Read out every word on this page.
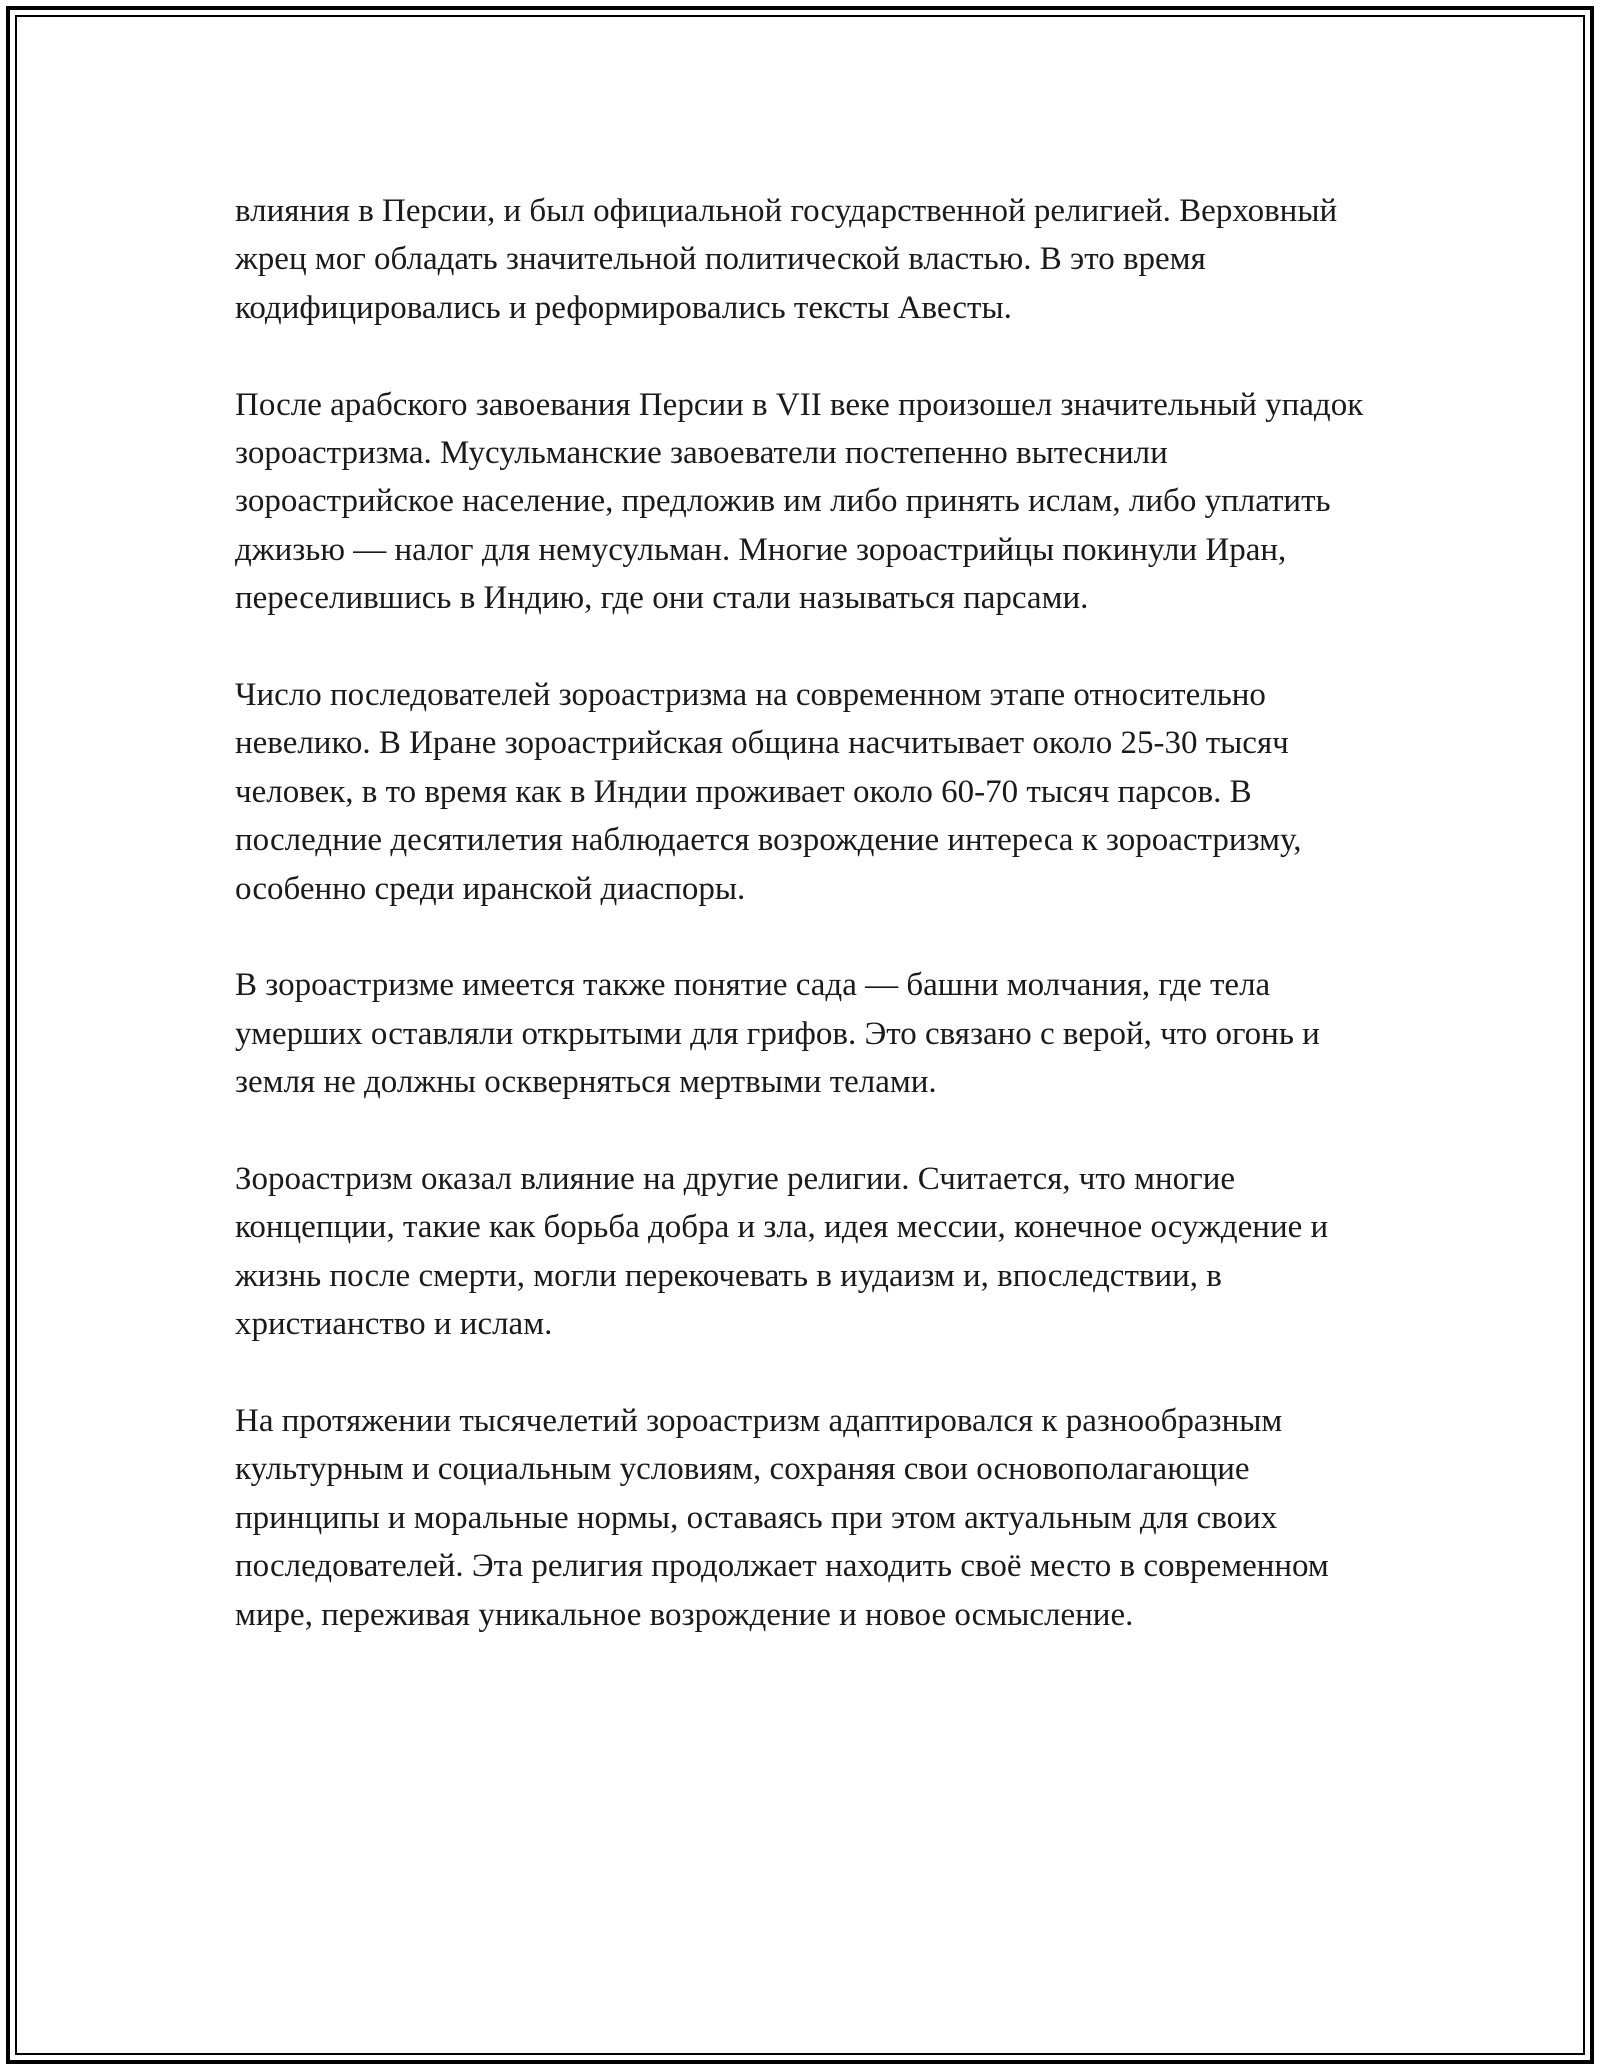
влияния в Персии, и был официальной государственной религией. Верховный жрец мог обладать значительной политической властью. В это время кодифицировались и реформировались тексты Авесты.

После арабского завоевания Персии в VII веке произошел значительный упадок зороастризма. Мусульманские завоеватели постепенно вытеснили зороастрийское население, предложив им либо принять ислам, либо уплатить джизью — налог для немусульман. Многие зороастрийцы покинули Иран, переселившись в Индию, где они стали называться парсами.

Число последователей зороастризма на современном этапе относительно невелико. В Иране зороастрийская община насчитывает около 25-30 тысяч человек, в то время как в Индии проживает около 60-70 тысяч парсов. В последние десятилетия наблюдается возрождение интереса к зороастризму, особенно среди иранской диаспоры.

В зороастризме имеется также понятие сада — башни молчания, где тела умерших оставляли открытыми для грифов. Это связано с верой, что огонь и земля не должны оскверняться мертвыми телами.

Зороастризм оказал влияние на другие религии. Считается, что многие концепции, такие как борьба добра и зла, идея мессии, конечное осуждение и жизнь после смерти, могли перекочевать в иудаизм и, впоследствии, в христианство и ислам.

На протяжении тысячелетий зороастризм адаптировался к разнообразным культурным и социальным условиям, сохраняя свои основополагающие принципы и моральные нормы, оставаясь при этом актуальным для своих последователей. Эта религия продолжает находить своё место в современном мире, переживая уникальное возрождение и новое осмысление.
